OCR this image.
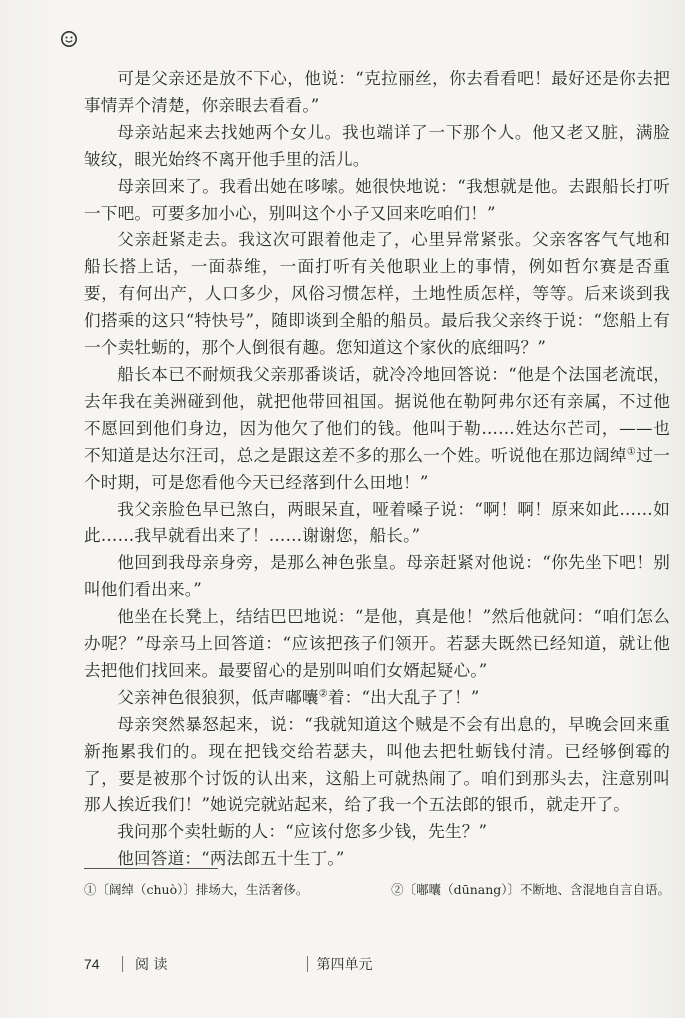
可是父亲还是放不下心，他说：“克拉丽丝，你去看看吧！最好还是你去把事情弄个清楚，你亲眼去看看。”

母亲站起来去找她两个女儿。我也端详了一下那个人。他又老又脏，满脸皱纹，眼光始终不离开他手里的活儿。

母亲回来了。我看出她在哆嗦。她很快地说：“我想就是他。去跟船长打听一下吧。可要多加小心，别叫这个小子又回来吃咱们！”

父亲赶紧走去。我这次可跟着他走了，心里异常紧张。父亲客客气气地和船长搭上话，一面恭维，一面打听有关他职业上的事情，例如哲尔赛是否重要，有何出产，人口多少，风俗习惯怎样，土地性质怎样，等等。后来谈到我们搭乘的这只“特快号”，随即谈到全船的船员。最后我父亲终于说：“您船上有一个卖牡蛎的，那个人倒很有趣。您知道这个家伙的底细吗？”

船长本已不耐烦我父亲那番谈话，就冷冷地回答说：“他是个法国老流氓，去年我在美洲碰到他，就把他带回祖国。据说他在勒阿弗尔还有亲属，不过他不愿回到他们身边，因为他欠了他们的钱。他叫于勒……姓达尔芒司，——也不知道是达尔汪司，总之是跟这差不多的那么一个姓。听说他在那边阔绰①过一个时期，可是您看他今天已经落到什么田地！”

我父亲脸色早已煞白，两眼呆直，哑着嗓子说：“啊！啊！原来如此……如此……我早就看出来了！……谢谢您，船长。”

他回到我母亲身旁，是那么神色张皇。母亲赶紧对他说：“你先坐下吧！别叫他们看出来。”

他坐在长凳上，结结巴巴地说：“是他，真是他！”然后他就问：“咱们怎么办呢？”母亲马上回答道：“应该把孩子们领开。若瑟夫既然已经知道，就让他去把他们找回来。最要留心的是别叫咱们女婿起疑心。”

父亲神色很狼狈，低声嘟囔②着：“出大乱子了！”

母亲突然暴怒起来，说：“我就知道这个贼是不会有出息的，早晚会回来重新拖累我们的。现在把钱交给若瑟夫，叫他去把牡蛎钱付清。已经够倒霉的了，要是被那个讨饭的认出来，这船上可就热闹了。咱们到那头去，注意别叫那人挨近我们！”她说完就站起来，给了我一个五法郎的银币，就走开了。

我问那个卖牡蛎的人：“应该付您多少钱，先生？”

他回答道：“两法郎五十生丁。”

①〔阔绰（chuò）〕排场大，生活奢侈。	②〔嘟囔（dūnang）〕不断地、含混地自言自语。
74	阅 读	第四单元
